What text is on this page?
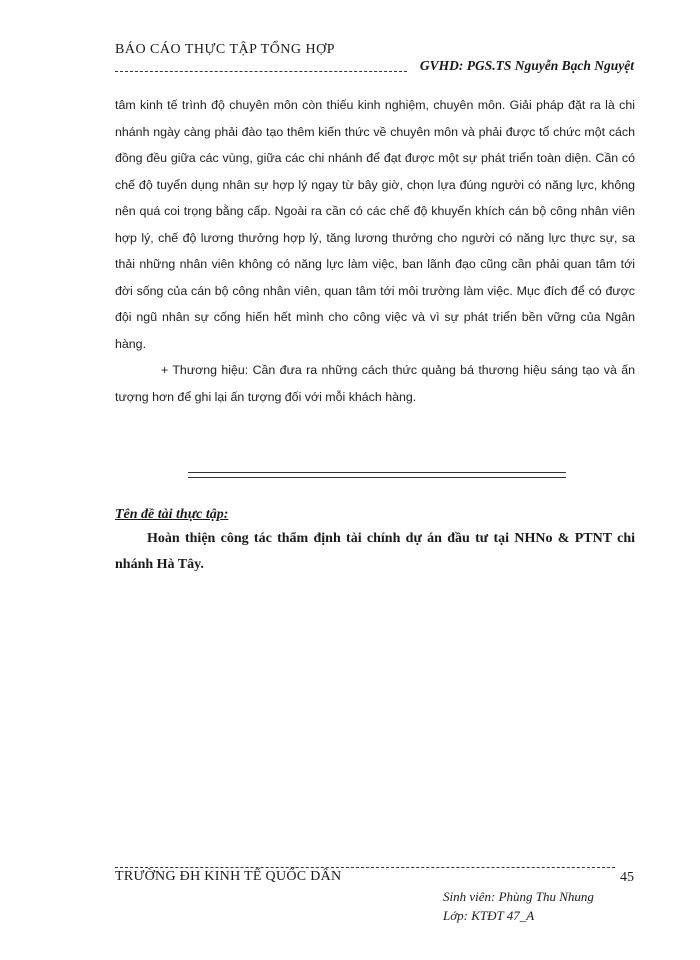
BÁO CÁO THỰC TẬP TỔNG HỢP
GVHD: PGS.TS Nguyễn Bạch Nguyệt

tâm kinh tế trình độ chuyên môn còn thiếu kinh nghiệm, chuyên môn. Giải pháp đặt ra là chi nhánh ngày càng phải đào tạo thêm kiến thức về chuyên môn và phải được tổ chức một cách đồng đều giữa các vùng, giữa các chi nhánh để đạt được một sự phát triển toàn diện. Cần có chế độ tuyển dụng nhân sự hợp lý ngay từ bây giờ, chọn lựa đúng người có năng lực, không nên quá coi trọng bằng cấp. Ngoài ra cần có các chế độ khuyến khích cán bộ công nhân viên hợp lý, chế độ lương thưởng hợp lý, tăng lương thưởng cho người có năng lực thực sự, sa thải những nhân viên không có năng lực làm việc, ban lãnh đạo cũng cần phải quan tâm tới đời sống của cán bộ công nhân viên, quan tâm tới môi trường làm việc. Mục đích để có được đội ngũ nhân sự cống hiến hết mình cho công việc và vì sự phát triển bền vững của Ngân hàng.

+ Thương hiệu: Cần đưa ra những cách thức quảng bá thương hiệu sáng tạo và ấn tượng hơn để ghi lại ấn tượng đối với mỗi khách hàng.

Tên đề tài thực tập:

Hoàn thiện công tác thẩm định tài chính dự án đầu tư tại NHNo & PTNT chi nhánh Hà Tây.

TRƯỜNG ĐH KINH TẾ QUỐC DÂN	45
Sinh viên: Phùng Thu Nhung
Lớp: KTĐT 47_A
